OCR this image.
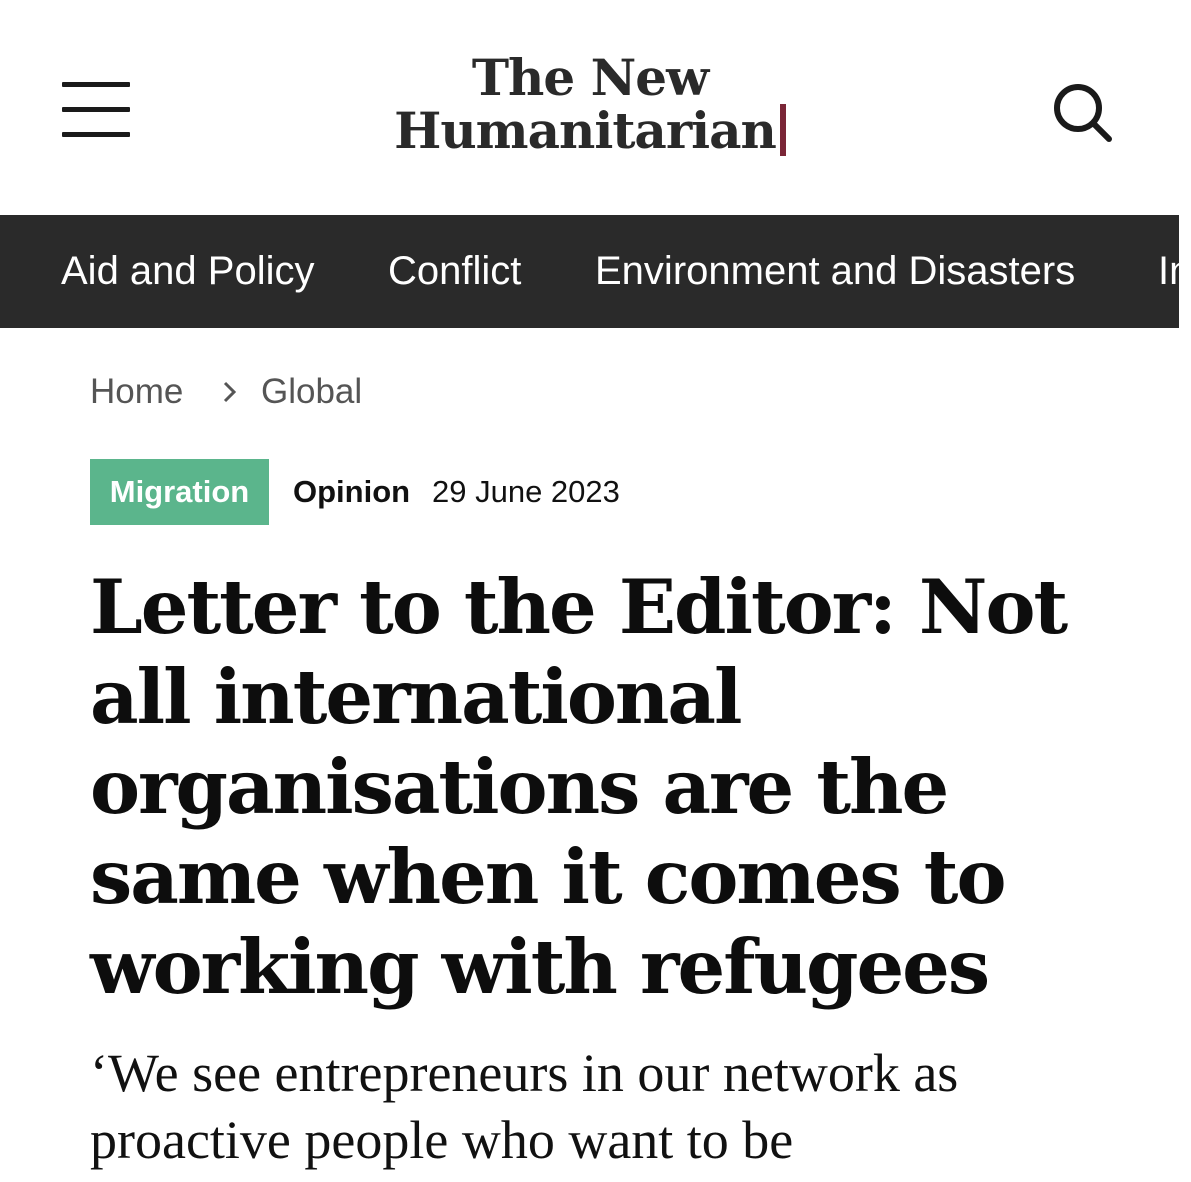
The New
Humanitarian
Aid and Policy Conflict Environment and Disasters In
Home Global
Migration	Opinion 29 June 2023
Letter to the Editor: Not all international organisations are the same when it comes to working with refugees

‘We see entrepreneurs in our network as proactive people who want to be
